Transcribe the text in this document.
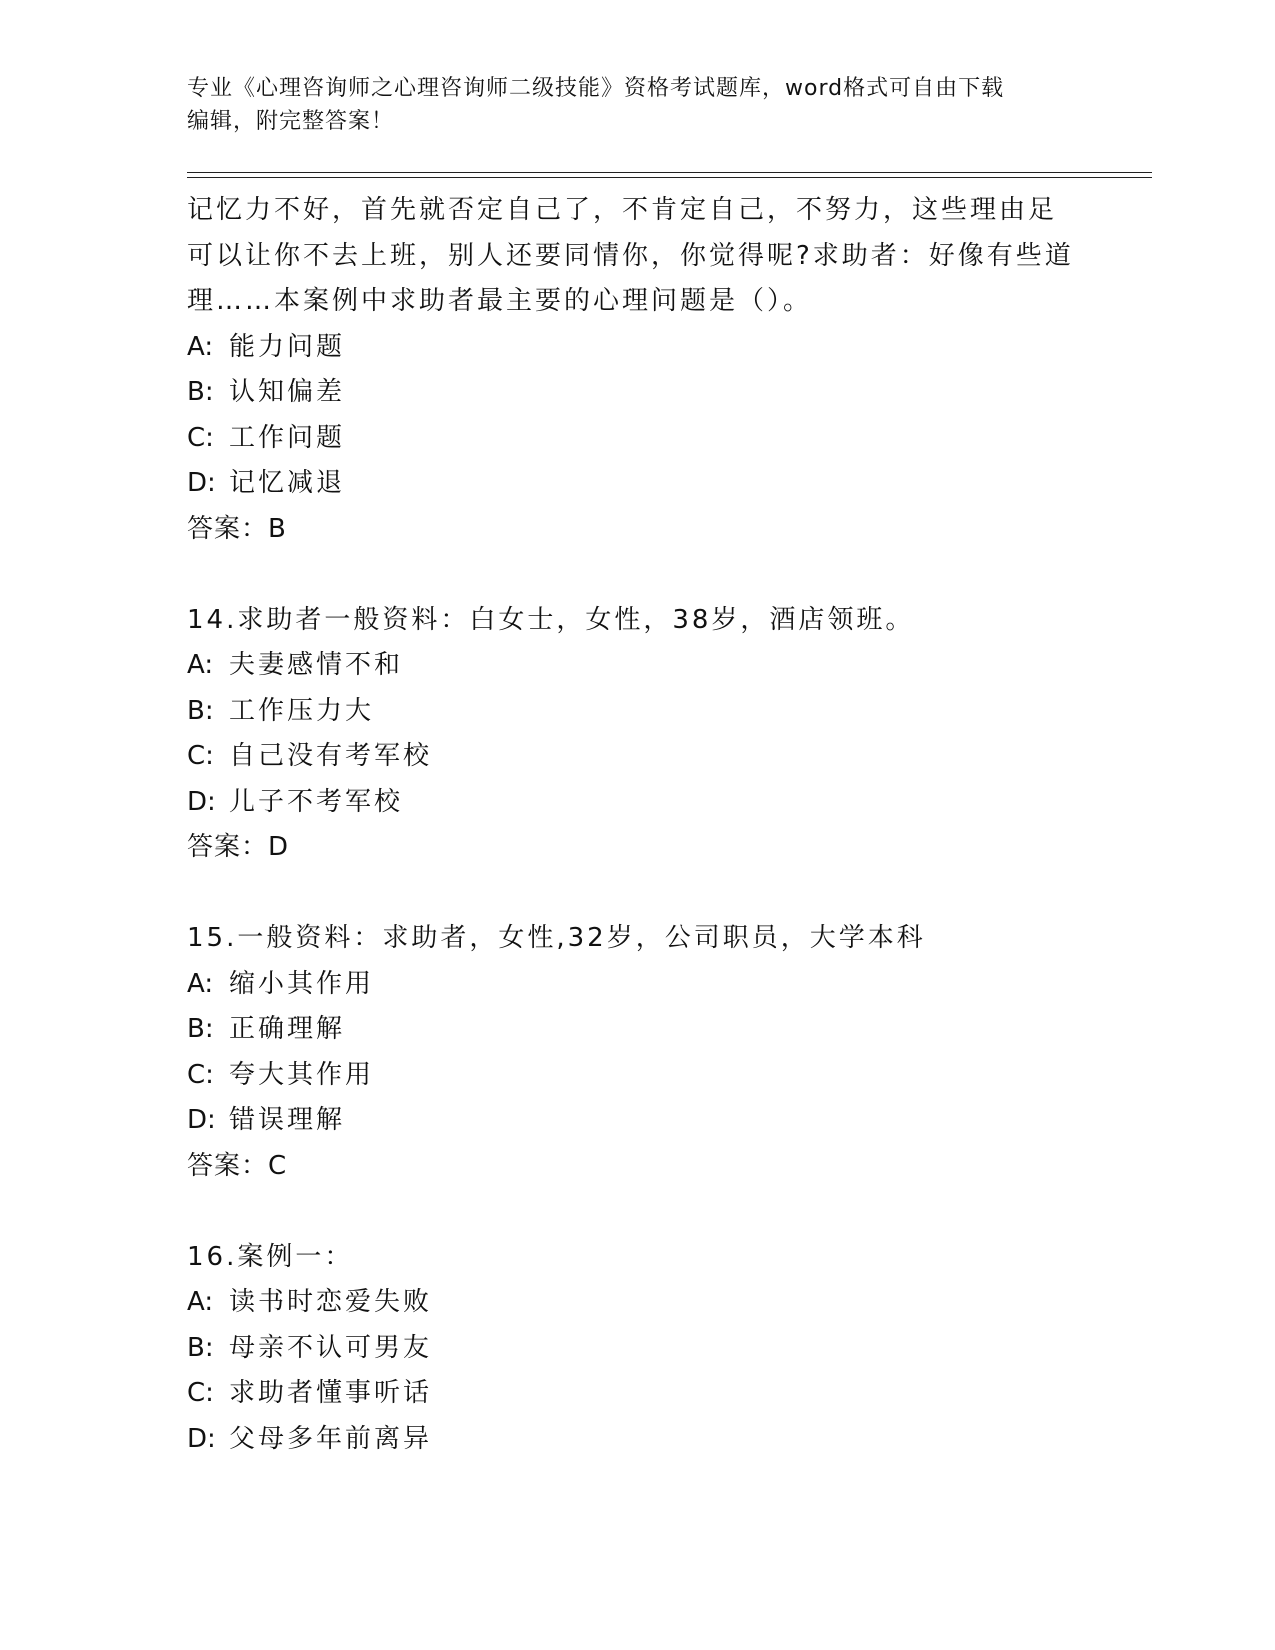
专业《心理咨询师之心理咨询师二级技能》资格考试题库，word格式可自由下载
编辑，附完整答案！
记忆力不好，首先就否定自己了，不肯定自己，不努力，这些理由足
可以让你不去上班，别人还要同情你，你觉得呢?求助者：好像有些道
理……本案例中求助者最主要的心理问题是（）。
A: 能力问题
B: 认知偏差
C: 工作问题
D: 记忆减退
答案：B
14.求助者一般资料：白女士，女性，38岁，酒店领班。
A: 夫妻感情不和
B: 工作压力大
C: 自己没有考军校
D: 儿子不考军校
答案：D
15.一般资料：求助者，女性,32岁，公司职员，大学本科
A: 缩小其作用
B: 正确理解
C: 夸大其作用
D: 错误理解
答案：C
16.案例一：
A: 读书时恋爱失败
B: 母亲不认可男友
C: 求助者懂事听话
D: 父母多年前离异
